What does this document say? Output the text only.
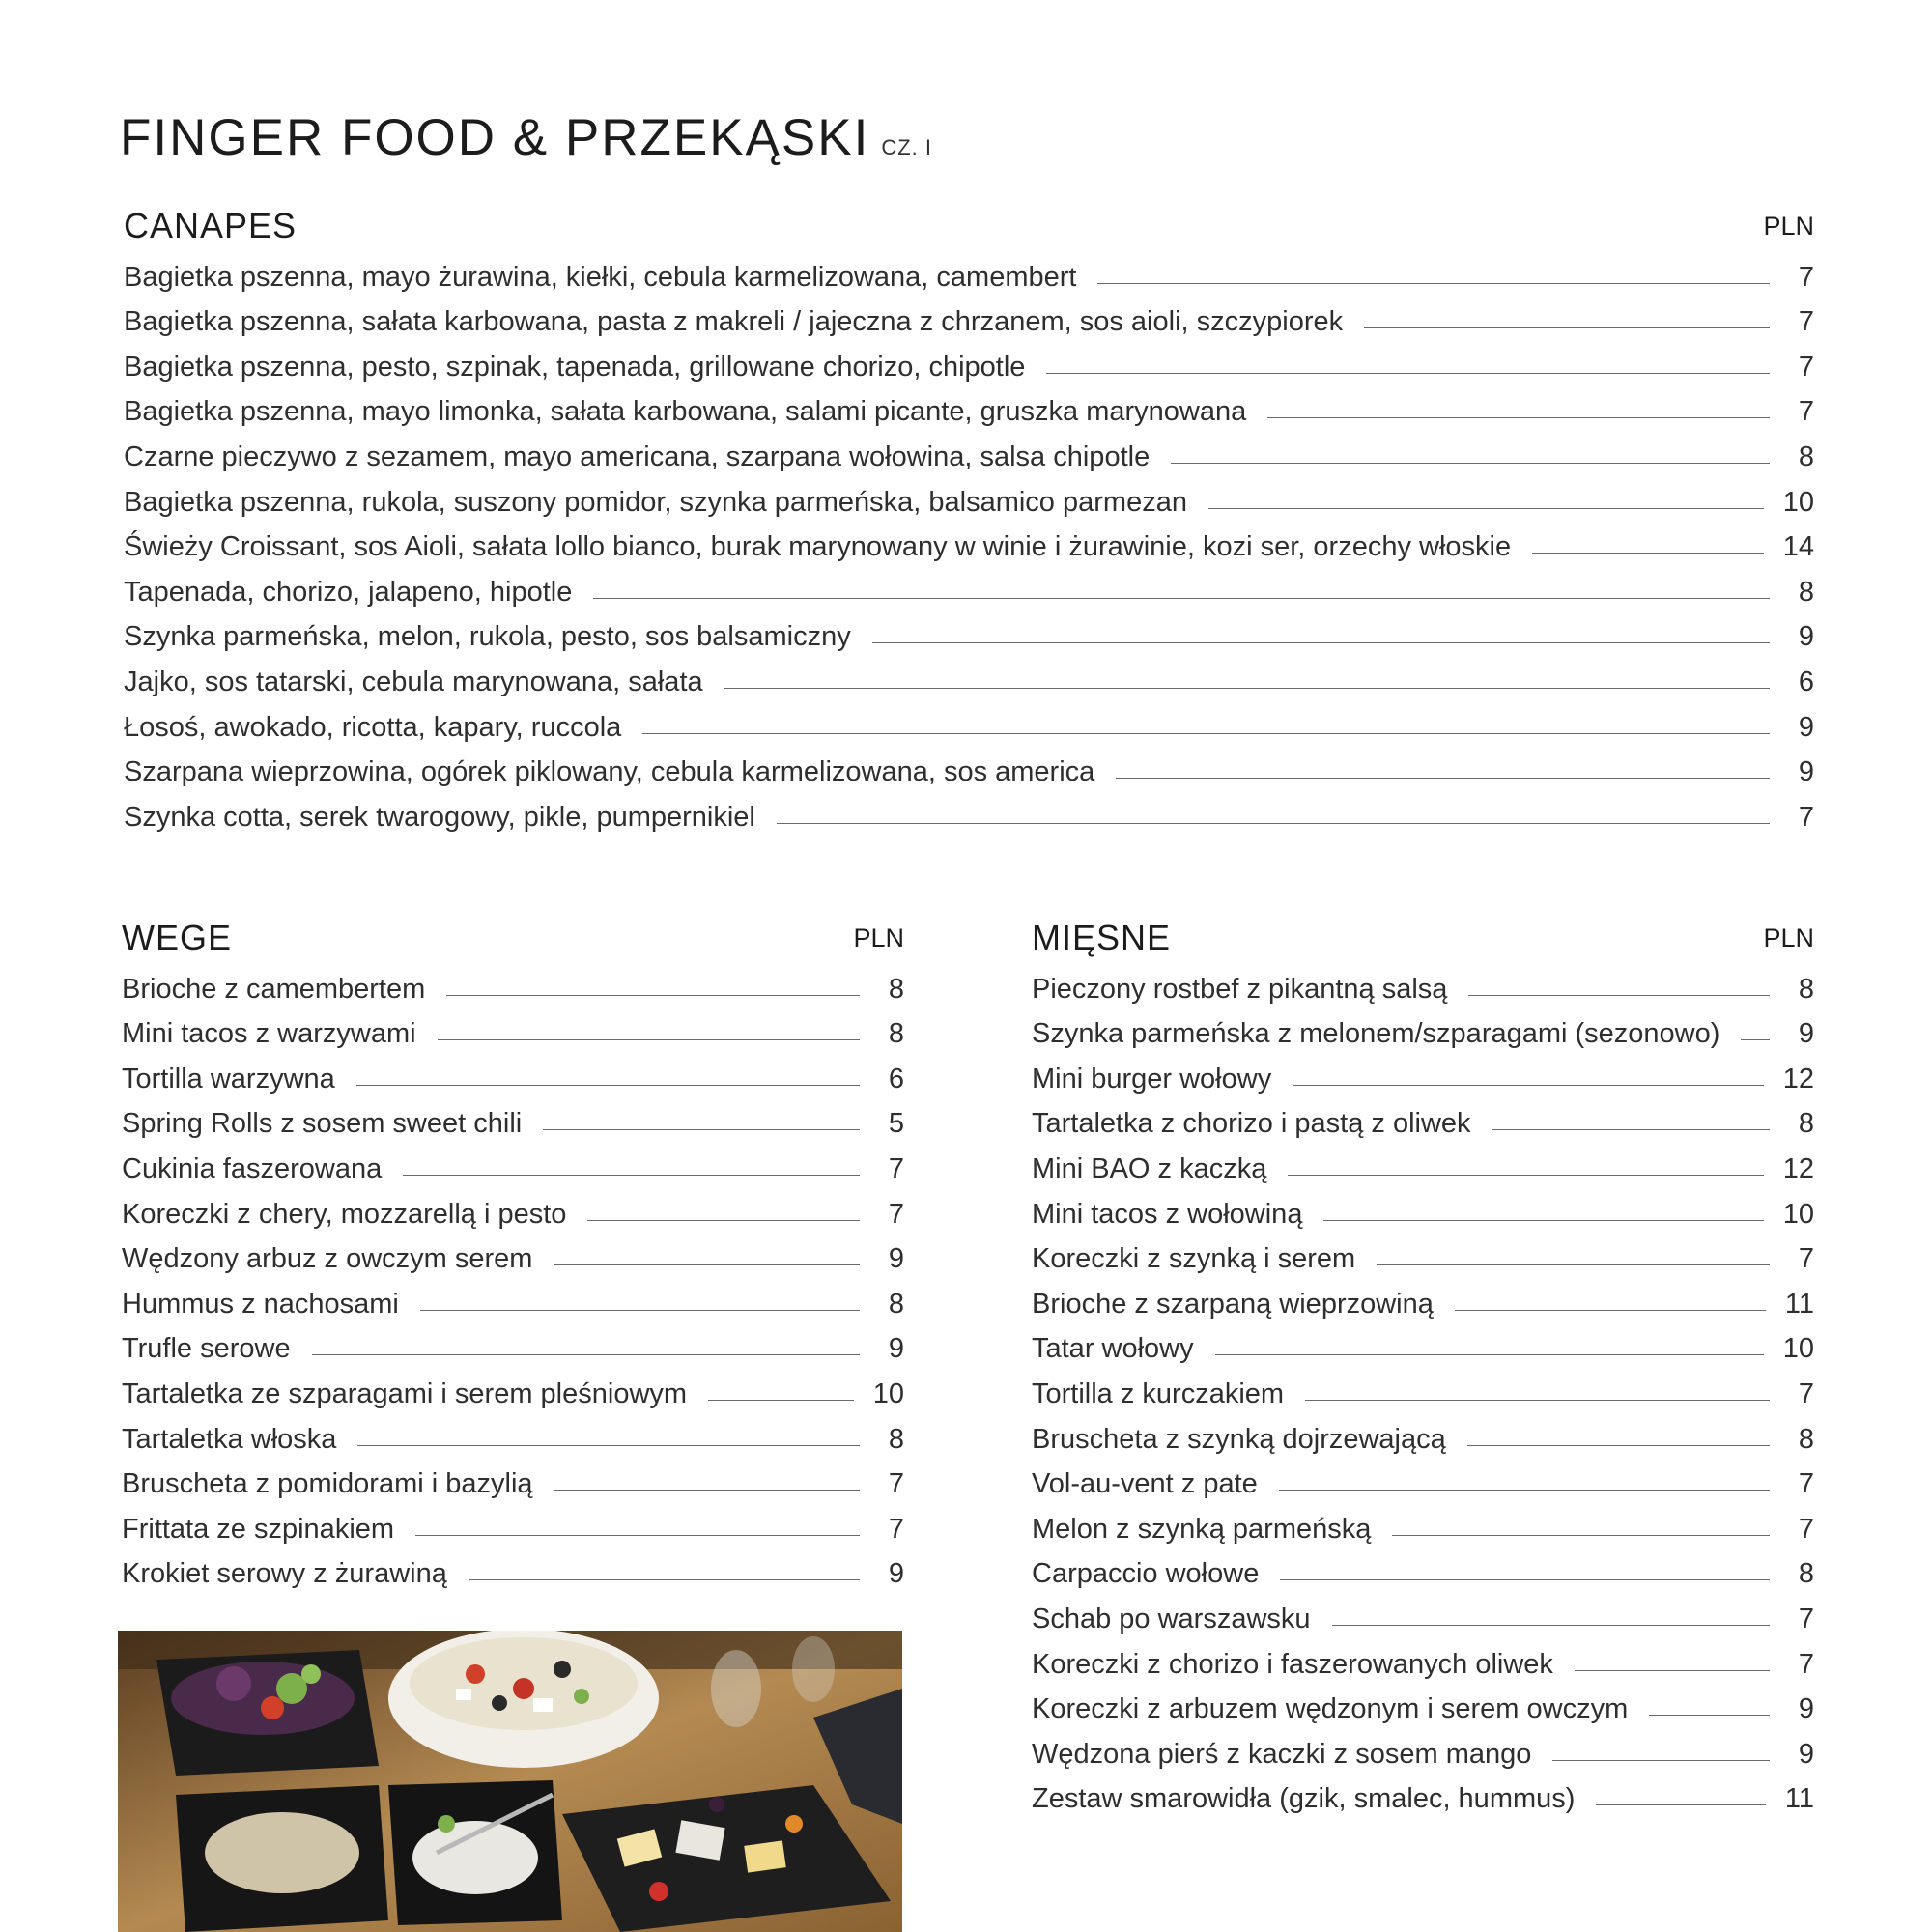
FINGER FOOD & PRZEKĄSKI CZ. I
CANAPES	PLN
Bagietka pszenna, mayo żurawina, kiełki, cebula karmelizowana, camembert	7
Bagietka pszenna, sałata karbowana, pasta z makreli / jajeczna z chrzanem, sos aioli, szczypiorek	7
Bagietka pszenna, pesto, szpinak, tapenada, grillowane chorizo, chipotle	7
Bagietka pszenna, mayo limonka, sałata karbowana, salami picante, gruszka marynowana	7
Czarne pieczywo z sezamem, mayo americana, szarpana wołowina, salsa chipotle	8
Bagietka pszenna, rukola, suszony pomidor, szynka parmeńska, balsamico parmezan	10
Świeży Croissant, sos Aioli, sałata lollo bianco, burak marynowany w winie i żurawinie, kozi ser, orzechy włoskie	14
Tapenada, chorizo, jalapeno, hipotle	8
Szynka parmeńska, melon, rukola, pesto, sos balsamiczny	9
Jajko, sos tatarski, cebula marynowana, sałata	6
Łosoś, awokado, ricotta, kapary, ruccola	9
Szarpana wieprzowina, ogórek piklowany, cebula karmelizowana, sos america	9
Szynka cotta, serek twarogowy, pikle, pumpernikiel	7
WEGE	PLN
Brioche z camembertem	8
Mini tacos z warzywami	8
Tortilla warzywna	6
Spring Rolls z sosem sweet chili	5
Cukinia faszerowana	7
Koreczki z chery, mozzarellą i pesto	7
Wędzony arbuz z owczym serem	9
Hummus z nachosami	8
Trufle serowe	9
Tartaletka ze szparagami i serem pleśniowym	10
Tartaletka włoska	8
Bruscheta z pomidorami i bazylią	7
Frittata ze szpinakiem	7
Krokiet serowy z żurawiną	9
MIĘSNE	PLN
Pieczony rostbef z pikantną salsą	8
Szynka parmeńska z melonem/szparagami (sezonowo)	9
Mini burger wołowy	12
Tartaletka z chorizo i pastą z oliwek	8
Mini BAO z kaczką	12
Mini tacos z wołowiną	10
Koreczki z szynką i serem	7
Brioche z szarpaną wieprzowiną	11
Tatar wołowy	10
Tortilla z kurczakiem	7
Bruscheta z szynką dojrzewającą	8
Vol-au-vent z pate	7
Melon z szynką parmeńską	7
Carpaccio wołowe	8
Schab po warszawsku	7
Koreczki z chorizo i faszerowanych oliwek	7
Koreczki z arbuzem wędzonym i serem owczym	9
Wędzona pierś z kaczki z sosem mango	9
Zestaw smarowidła (gzik, smalec, hummus)	11
